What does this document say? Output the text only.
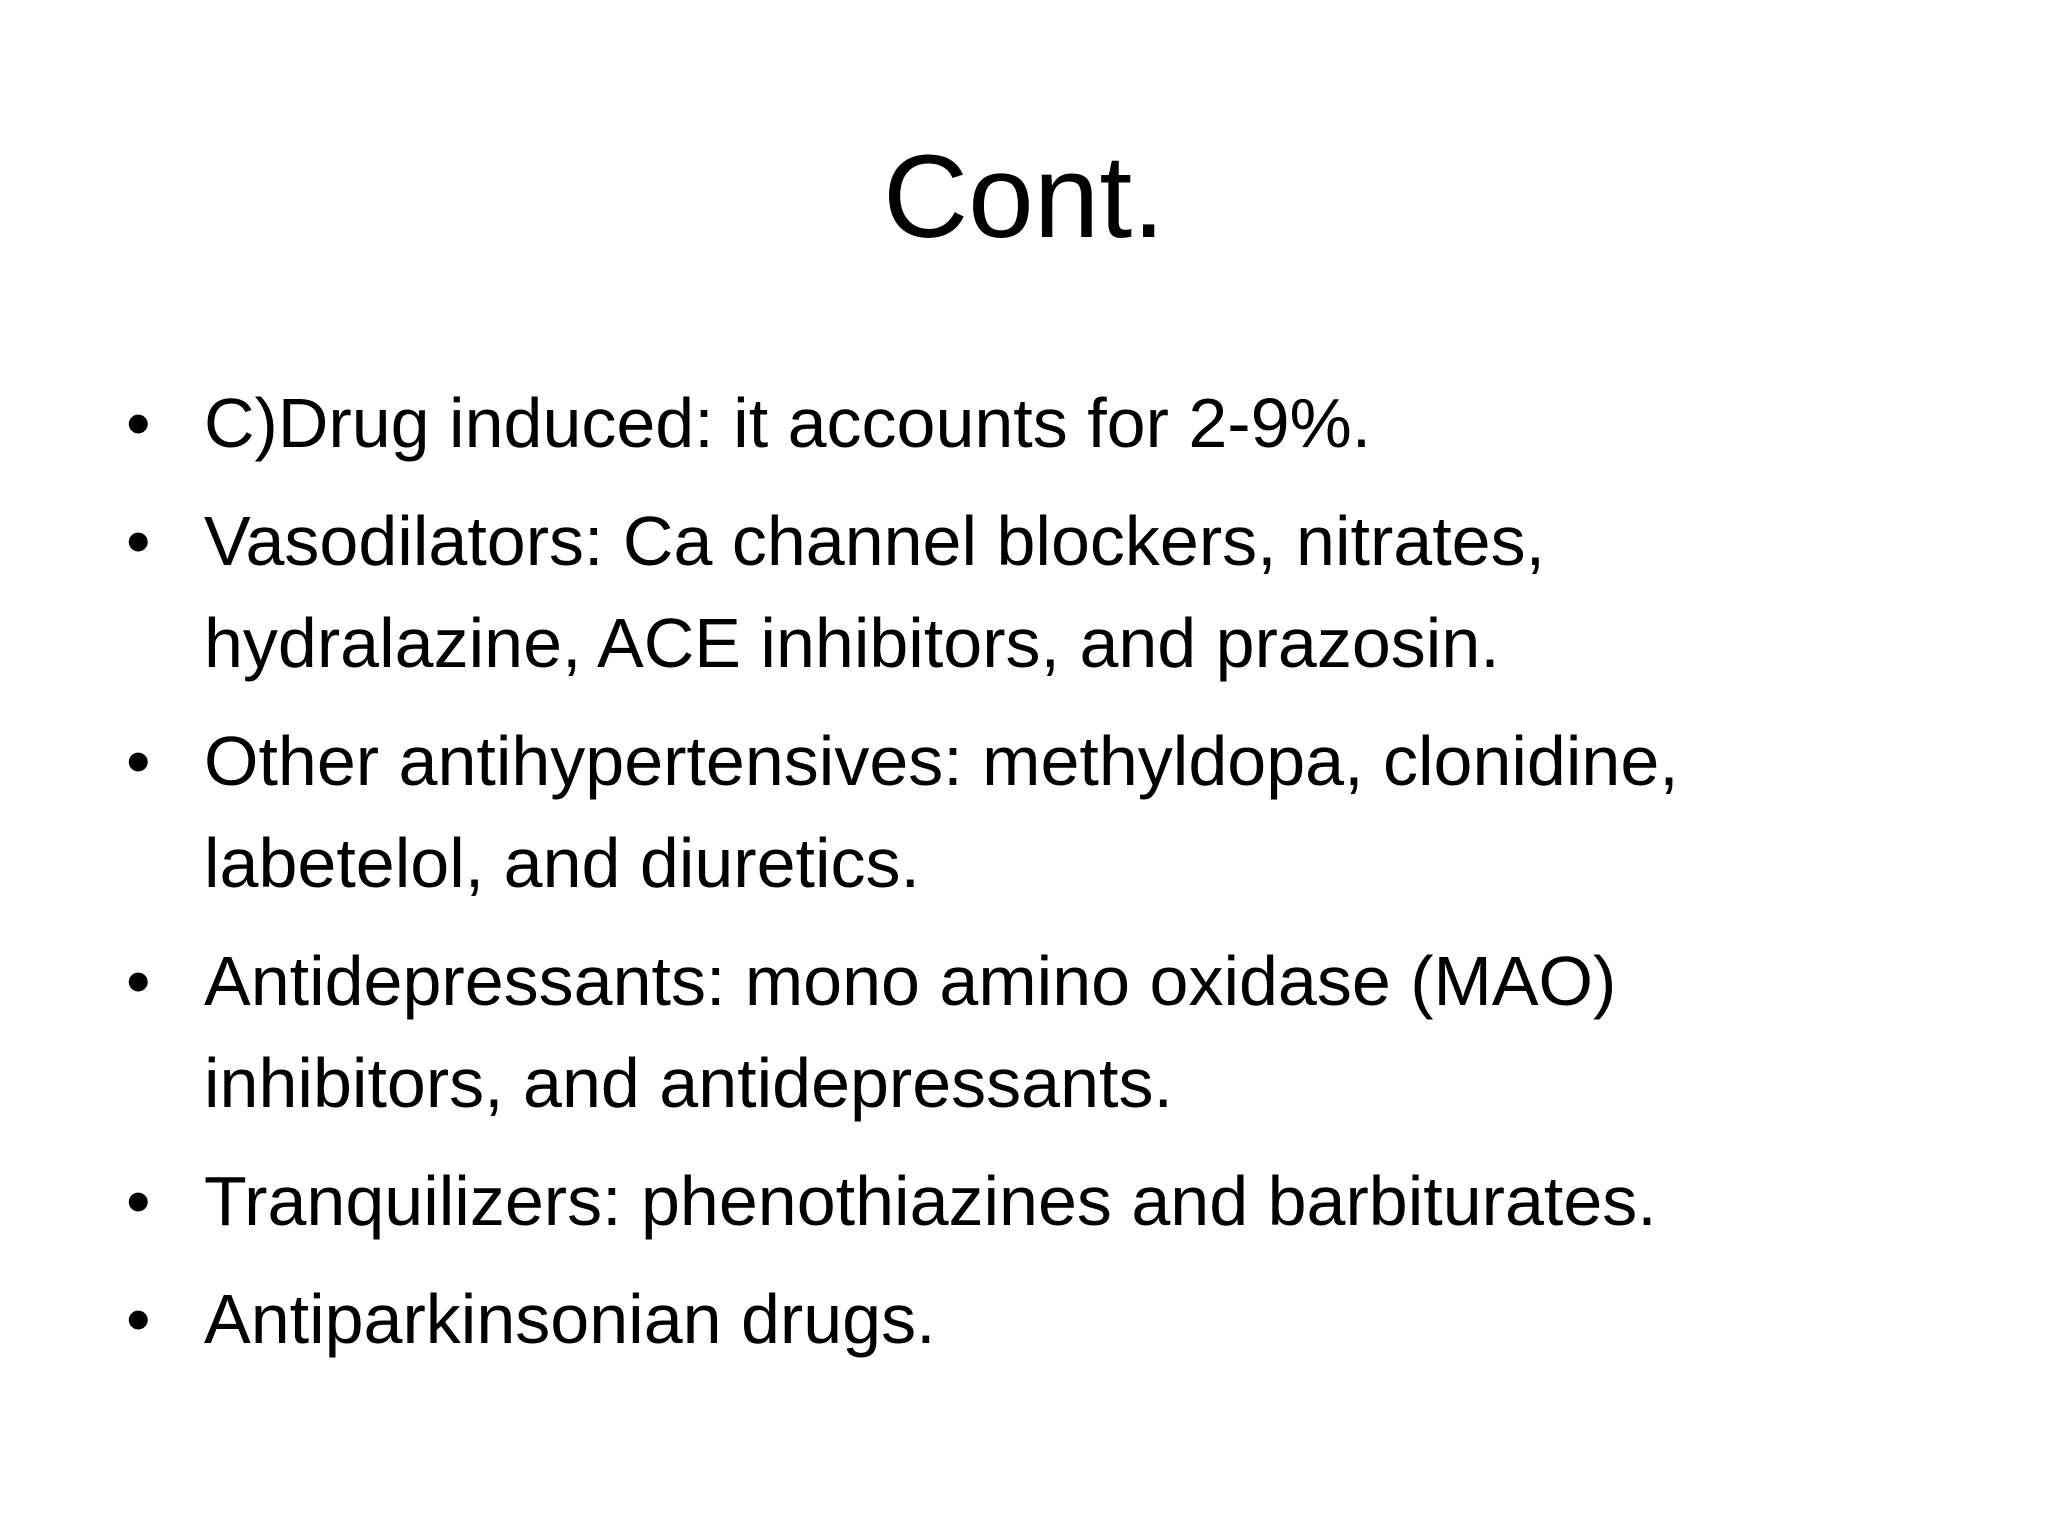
Cont.
• C)Drug induced: it accounts for 2-9%.
• Vasodilators: Ca channel blockers, nitrates,
hydralazine, ACE inhibitors, and prazosin.
• Other antihypertensives: methyldopa, clonidine,
labetelol, and diuretics.
• Antidepressants: mono amino oxidase (MAO)
inhibitors, and antidepressants.
• Tranquilizers: phenothiazines and barbiturates.
• Antiparkinsonian drugs.
